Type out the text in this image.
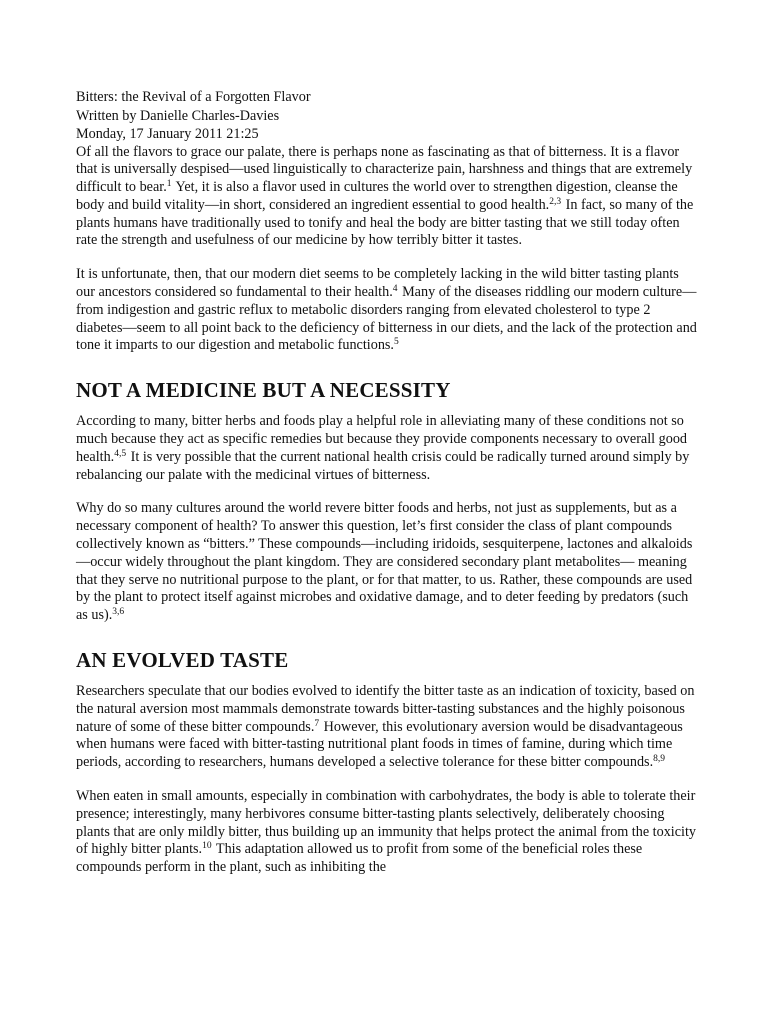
Bitters: the Revival of a Forgotten Flavor

Written by Danielle Charles-Davies

Monday, 17 January 2011 21:25

Of all the flavors to grace our palate, there is perhaps none as fascinating as that of bitterness. It is a flavor that is universally despised—used linguistically to characterize pain, harshness and things that are extremely difficult to bear.$^1$ Yet, it is also a flavor used in cultures the world over to strengthen digestion, cleanse the body and build vitality—in short, considered an ingredient essential to good health.$^{2,3}$ In fact, so many of the plants humans have traditionally used to tonify and heal the body are bitter tasting that we still today often rate the strength and usefulness of our medicine by how terribly bitter it tastes.

It is unfortunate, then, that our modern diet seems to be completely lacking in the wild bitter tasting plants our ancestors considered so fundamental to their health.$^4$ Many of the diseases riddling our modern culture—from indigestion and gastric reflux to metabolic disorders ranging from elevated cholesterol to type 2 diabetes—seem to all point back to the deficiency of bitterness in our diets, and the lack of the protection and tone it imparts to our digestion and metabolic functions.$^5$

NOT A MEDICINE BUT A NECESSITY

According to many, bitter herbs and foods play a helpful role in alleviating many of these conditions not so much because they act as specific remedies but because they provide components necessary to overall good health.$^{4,5}$ It is very possible that the current national health crisis could be radically turned around simply by rebalancing our palate with the medicinal virtues of bitterness.

Why do so many cultures around the world revere bitter foods and herbs, not just as supplements, but as a necessary component of health? To answer this question, let’s first consider the class of plant compounds collectively known as “bitters.” These compounds—including iridoids, sesquiterpene, lactones and alkaloids—occur widely throughout the plant kingdom. They are considered secondary plant metabolites— meaning that they serve no nutritional purpose to the plant, or for that matter, to us. Rather, these compounds are used by the plant to protect itself against microbes and oxidative damage, and to deter feeding by predators (such as us).$^{3,6}$

AN EVOLVED TASTE

Researchers speculate that our bodies evolved to identify the bitter taste as an indication of toxicity, based on the natural aversion most mammals demonstrate towards bitter-tasting substances and the highly poisonous nature of some of these bitter compounds.$^7$ However, this evolutionary aversion would be disadvantageous when humans were faced with bitter-tasting nutritional plant foods in times of famine, during which time periods, according to researchers, humans developed a selective tolerance for these bitter compounds.$^{8,9}$

When eaten in small amounts, especially in combination with carbohydrates, the body is able to tolerate their presence; interestingly, many herbivores consume bitter-tasting plants selectively, deliberately choosing plants that are only mildly bitter, thus building up an immunity that helps protect the animal from the toxicity of highly bitter plants.$^{10}$ This adaptation allowed us to profit from some of the beneficial roles these compounds perform in the plant, such as inhibiting the
